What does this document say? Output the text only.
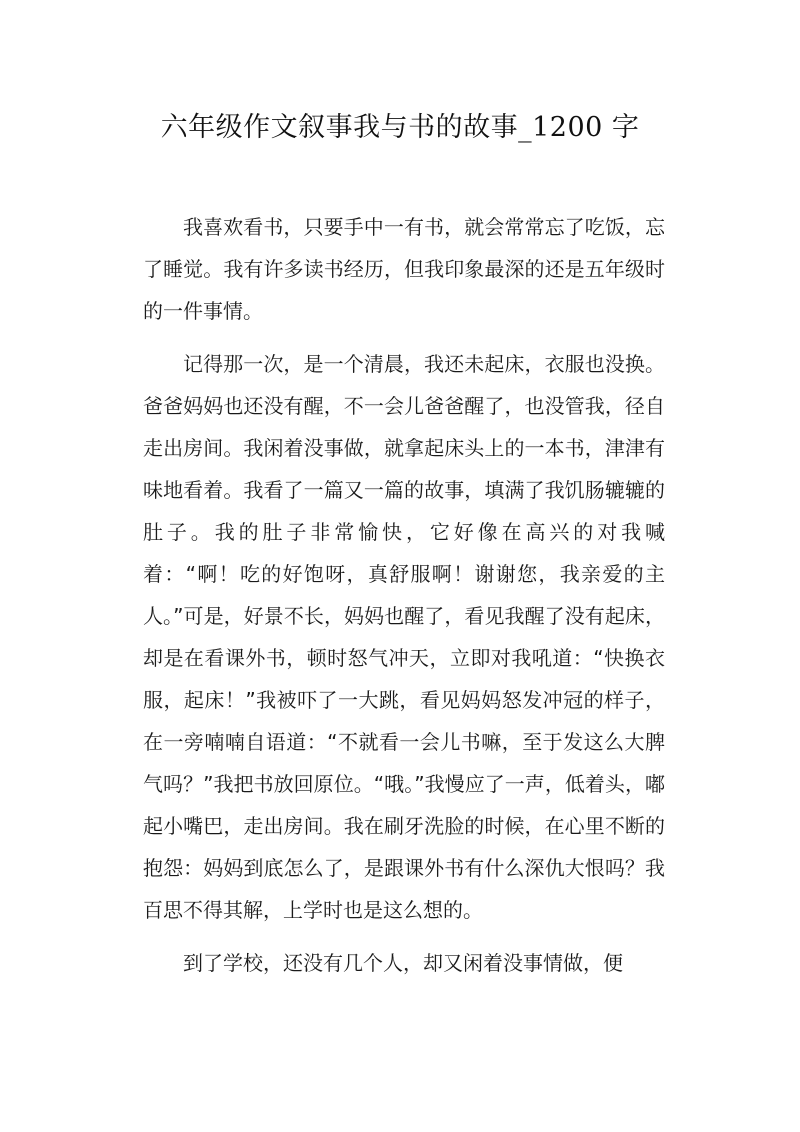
六年级作文叙事我与书的故事_1200 字

我喜欢看书，只要手中一有书，就会常常忘了吃饭，忘了睡觉。我有许多读书经历，但我印象最深的还是五年级时的一件事情。

记得那一次，是一个清晨，我还未起床，衣服也没换。爸爸妈妈也还没有醒，不一会儿爸爸醒了，也没管我，径自走出房间。我闲着没事做，就拿起床头上的一本书，津津有味地看着。我看了一篇又一篇的故事，填满了我饥肠辘辘的肚子。我的肚子非常愉快，它好像在高兴的对我喊着：“啊！吃的好饱呀，真舒服啊！谢谢您，我亲爱的主人。”可是，好景不长，妈妈也醒了，看见我醒了没有起床，却是在看课外书，顿时怒气冲天，立即对我吼道：“快换衣服，起床！”我被吓了一大跳，看见妈妈怒发冲冠的样子，在一旁喃喃自语道：“不就看一会儿书嘛，至于发这么大脾气吗？”我把书放回原位。“哦。”我慢应了一声，低着头，嘟起小嘴巴，走出房间。我在刷牙洗脸的时候，在心里不断的抱怨：妈妈到底怎么了，是跟课外书有什么深仇大恨吗？我百思不得其解，上学时也是这么想的。

到了学校，还没有几个人，却又闲着没事情做，便
